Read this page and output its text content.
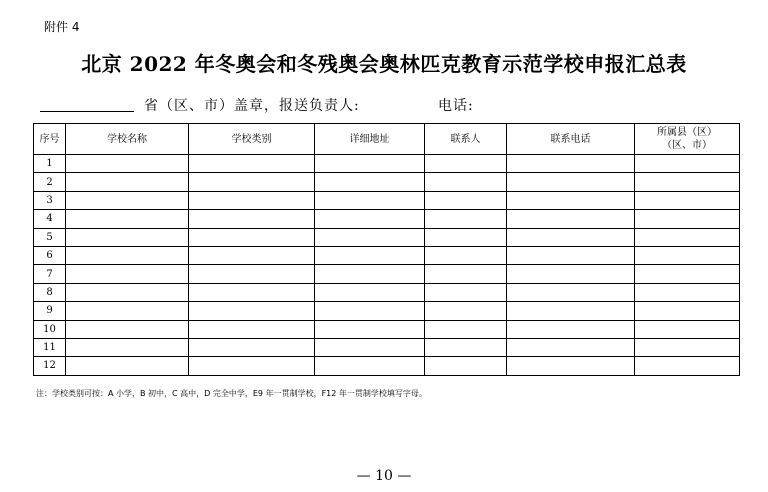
附件 4
北京 2022 年冬奥会和冬残奥会奥林匹克教育示范学校申报汇总表
省（区、市）盖章，报送负责人:	电话:
序号	学校名称	学校类别	详细地址	联系人	联系电话	所属县（区）
（区、市）

1						
2						
3						
4						
5						
6						
7						
8						
9						
10						
11						
12						
注：学校类别可按：A 小学，B 初中，C 高中，D 完全中学，E9 年一贯制学校，F12 年一贯制学校填写字母。
— 10 —
